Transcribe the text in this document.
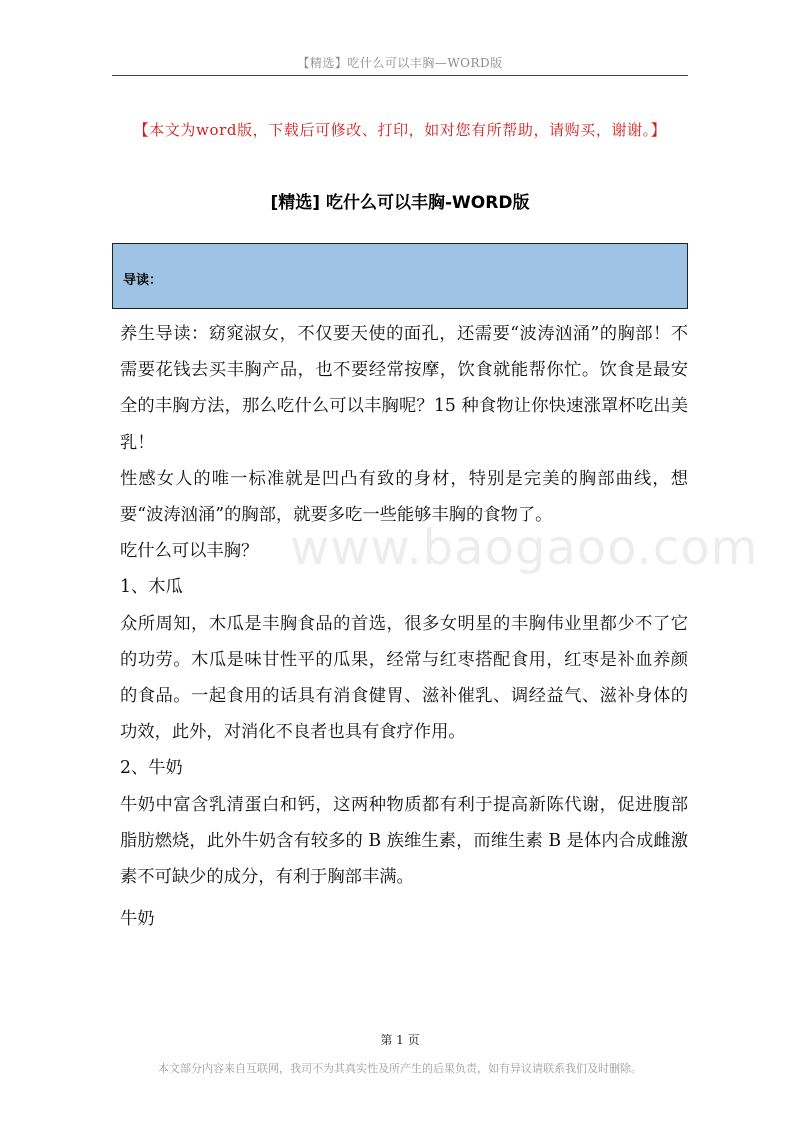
【精选】吃什么可以丰胸—WORD版
【本文为word版，下载后可修改、打印，如对您有所帮助，请购买，谢谢。】
[精选] 吃什么可以丰胸-WORD版
导读：
www.baogaoo.com

养生导读：窈窕淑女，不仅要天使的面孔，还需要“波涛汹涌”的胸部！不需要花钱去买丰胸产品，也不要经常按摩，饮食就能帮你忙。饮食是最安全的丰胸方法，那么吃什么可以丰胸呢？15 种食物让你快速涨罩杯吃出美乳！

性感女人的唯一标准就是凹凸有致的身材，特别是完美的胸部曲线，想要“波涛汹涌”的胸部，就要多吃一些能够丰胸的食物了。

吃什么可以丰胸？

1、木瓜

众所周知，木瓜是丰胸食品的首选，很多女明星的丰胸伟业里都少不了它的功劳。木瓜是味甘性平的瓜果，经常与红枣搭配食用，红枣是补血养颜的食品。一起食用的话具有消食健胃、滋补催乳、调经益气、滋补身体的功效，此外，对消化不良者也具有食疗作用。

2、牛奶

牛奶中富含乳清蛋白和钙，这两种物质都有利于提高新陈代谢，促进腹部脂肪燃烧，此外牛奶含有较多的 B 族维生素，而维生素 B 是体内合成雌激素不可缺少的成分，有利于胸部丰满。

牛奶

第 1 页
本文部分内容来自互联网，我司不为其真实性及所产生的后果负责，如有异议请联系我们及时删除。
